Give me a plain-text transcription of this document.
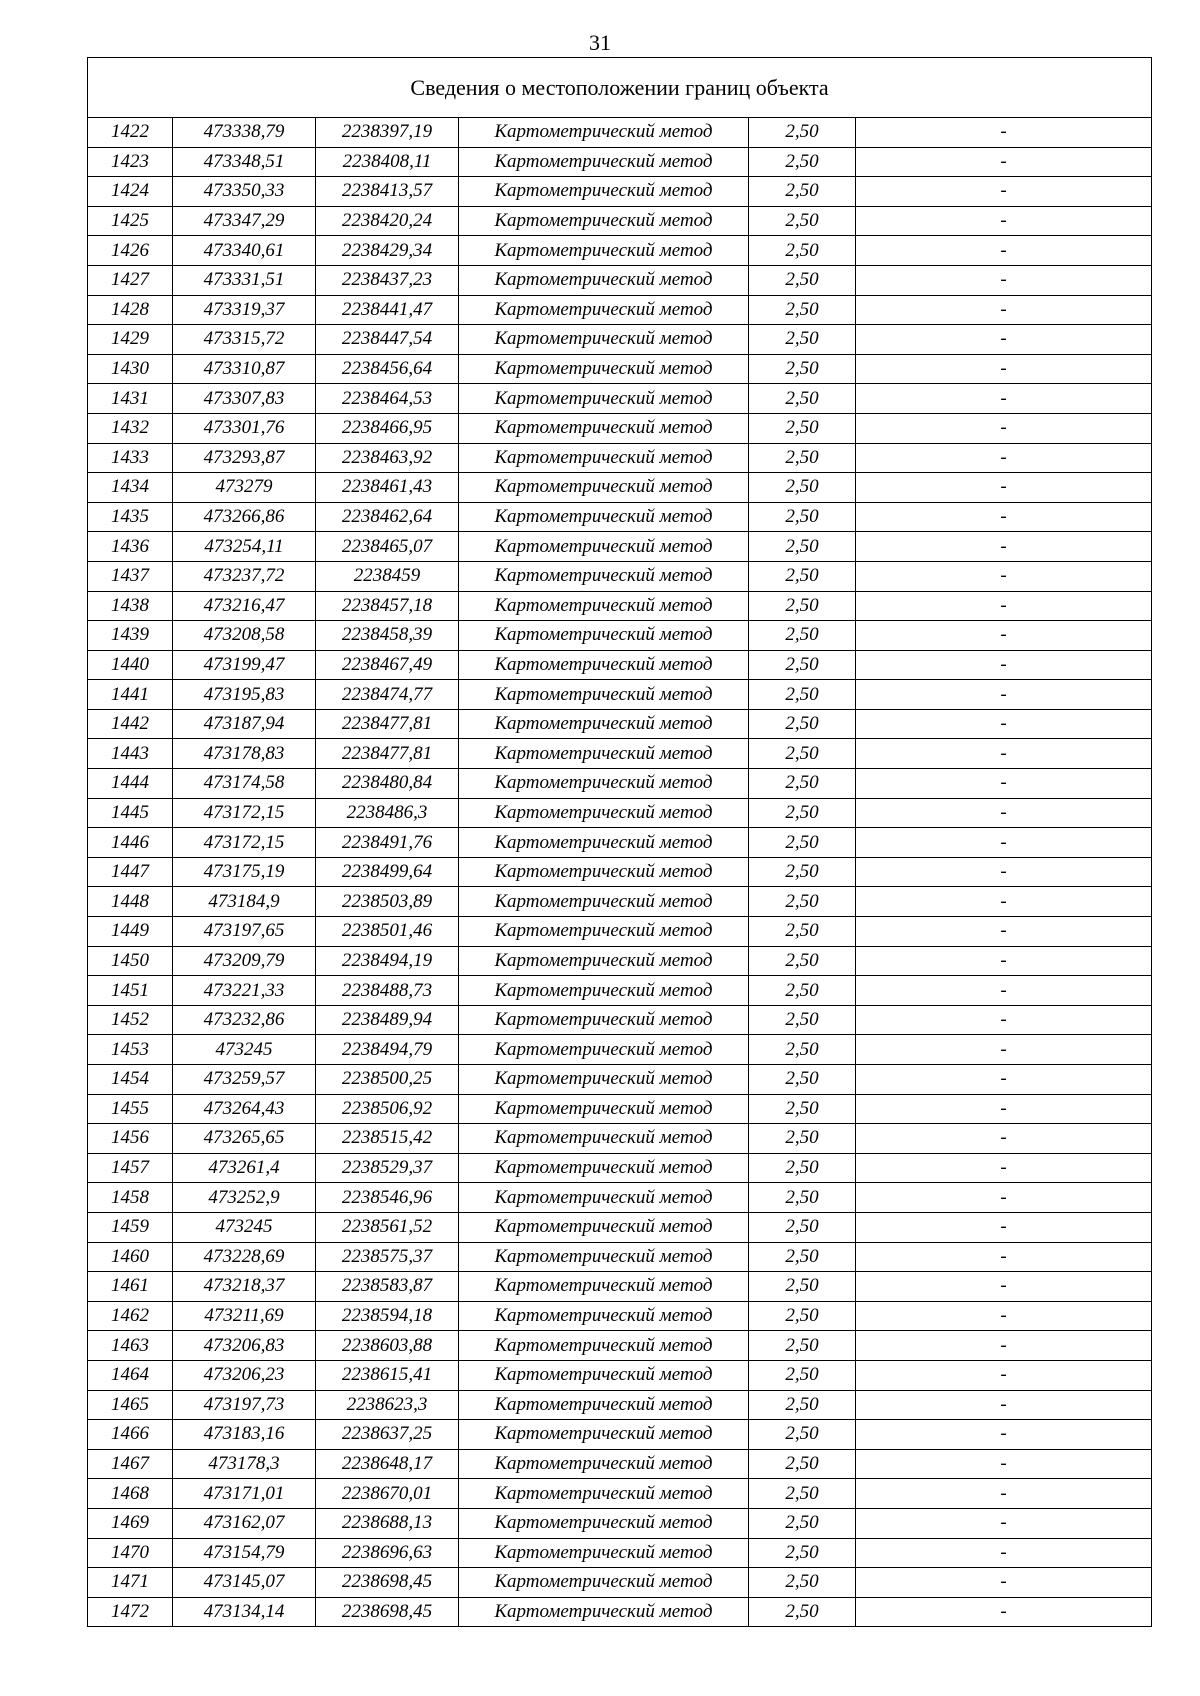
31
Сведения о местоположении границ объекта					
1422	473338,79	2238397,19	Картометрический метод	2,50	-
1423	473348,51	2238408,11	Картометрический метод	2,50	-
1424	473350,33	2238413,57	Картометрический метод	2,50	-
1425	473347,29	2238420,24	Картометрический метод	2,50	-
1426	473340,61	2238429,34	Картометрический метод	2,50	-
1427	473331,51	2238437,23	Картометрический метод	2,50	-
1428	473319,37	2238441,47	Картометрический метод	2,50	-
1429	473315,72	2238447,54	Картометрический метод	2,50	-
1430	473310,87	2238456,64	Картометрический метод	2,50	-
1431	473307,83	2238464,53	Картометрический метод	2,50	-
1432	473301,76	2238466,95	Картометрический метод	2,50	-
1433	473293,87	2238463,92	Картометрический метод	2,50	-
1434	473279	2238461,43	Картометрический метод	2,50	-
1435	473266,86	2238462,64	Картометрический метод	2,50	-
1436	473254,11	2238465,07	Картометрический метод	2,50	-
1437	473237,72	2238459	Картометрический метод	2,50	-
1438	473216,47	2238457,18	Картометрический метод	2,50	-
1439	473208,58	2238458,39	Картометрический метод	2,50	-
1440	473199,47	2238467,49	Картометрический метод	2,50	-
1441	473195,83	2238474,77	Картометрический метод	2,50	-
1442	473187,94	2238477,81	Картометрический метод	2,50	-
1443	473178,83	2238477,81	Картометрический метод	2,50	-
1444	473174,58	2238480,84	Картометрический метод	2,50	-
1445	473172,15	2238486,3	Картометрический метод	2,50	-
1446	473172,15	2238491,76	Картометрический метод	2,50	-
1447	473175,19	2238499,64	Картометрический метод	2,50	-
1448	473184,9	2238503,89	Картометрический метод	2,50	-
1449	473197,65	2238501,46	Картометрический метод	2,50	-
1450	473209,79	2238494,19	Картометрический метод	2,50	-
1451	473221,33	2238488,73	Картометрический метод	2,50	-
1452	473232,86	2238489,94	Картометрический метод	2,50	-
1453	473245	2238494,79	Картометрический метод	2,50	-
1454	473259,57	2238500,25	Картометрический метод	2,50	-
1455	473264,43	2238506,92	Картометрический метод	2,50	-
1456	473265,65	2238515,42	Картометрический метод	2,50	-
1457	473261,4	2238529,37	Картометрический метод	2,50	-
1458	473252,9	2238546,96	Картометрический метод	2,50	-
1459	473245	2238561,52	Картометрический метод	2,50	-
1460	473228,69	2238575,37	Картометрический метод	2,50	-
1461	473218,37	2238583,87	Картометрический метод	2,50	-
1462	473211,69	2238594,18	Картометрический метод	2,50	-
1463	473206,83	2238603,88	Картометрический метод	2,50	-
1464	473206,23	2238615,41	Картометрический метод	2,50	-
1465	473197,73	2238623,3	Картометрический метод	2,50	-
1466	473183,16	2238637,25	Картометрический метод	2,50	-
1467	473178,3	2238648,17	Картометрический метод	2,50	-
1468	473171,01	2238670,01	Картометрический метод	2,50	-
1469	473162,07	2238688,13	Картометрический метод	2,50	-
1470	473154,79	2238696,63	Картометрический метод	2,50	-
1471	473145,07	2238698,45	Картометрический метод	2,50	-
1472	473134,14	2238698,45	Картометрический метод	2,50	-
